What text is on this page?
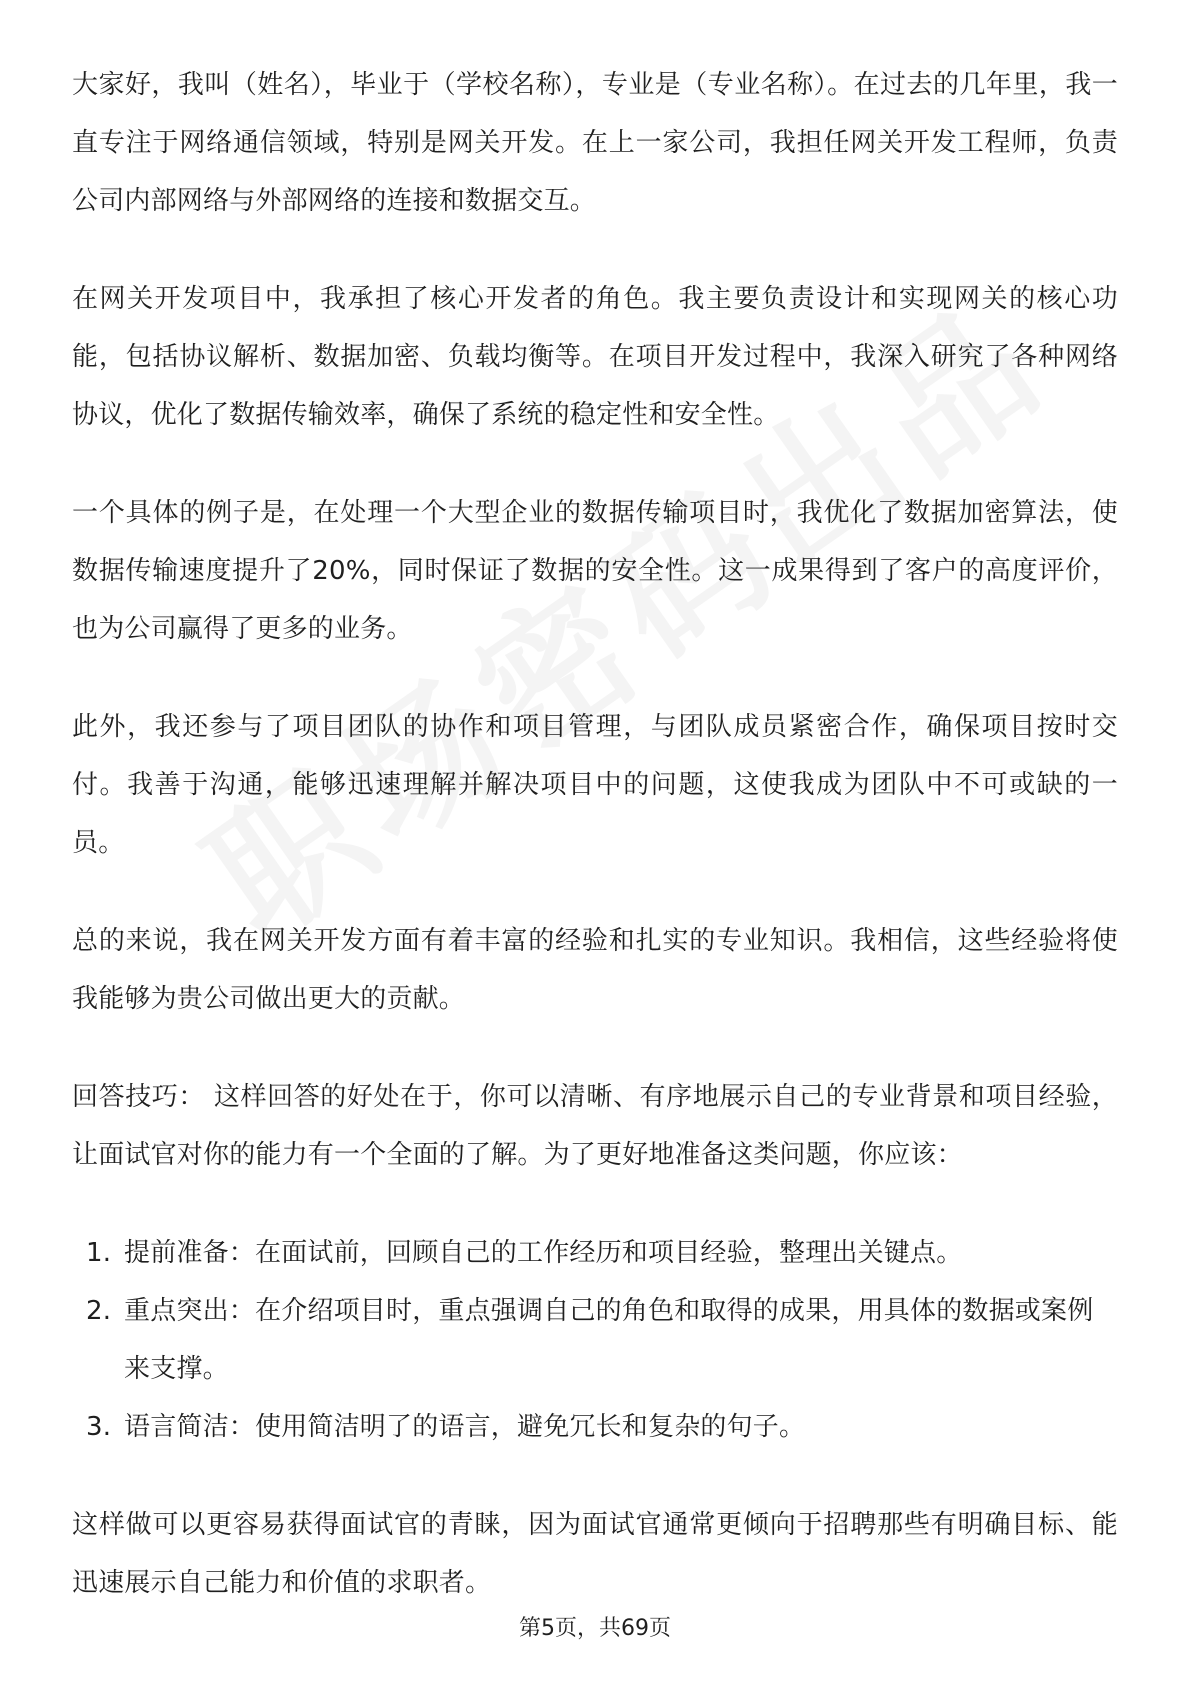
大家好，我叫（姓名），毕业于（学校名称），专业是（专业名称）。在过去的几年里，我一直专注于网络通信领域，特别是网关开发。在上一家公司，我担任网关开发工程师，负责公司内部网络与外部网络的连接和数据交互。

在网关开发项目中，我承担了核心开发者的角色。我主要负责设计和实现网关的核心功能，包括协议解析、数据加密、负载均衡等。在项目开发过程中，我深入研究了各种网络协议，优化了数据传输效率，确保了系统的稳定性和安全性。

一个具体的例子是，在处理一个大型企业的数据传输项目时，我优化了数据加密算法，使数据传输速度提升了20%，同时保证了数据的安全性。这一成果得到了客户的高度评价，也为公司赢得了更多的业务。

此外，我还参与了项目团队的协作和项目管理，与团队成员紧密合作，确保项目按时交付。我善于沟通，能够迅速理解并解决项目中的问题，这使我成为团队中不可或缺的一员。

总的来说，我在网关开发方面有着丰富的经验和扎实的专业知识。我相信，这些经验将使我能够为贵公司做出更大的贡献。

回答技巧： 这样回答的好处在于，你可以清晰、有序地展示自己的专业背景和项目经验，让面试官对你的能力有一个全面的了解。为了更好地准备这类问题，你应该：

1. 提前准备：在面试前，回顾自己的工作经历和项目经验，整理出关键点。
2. 重点突出：在介绍项目时，重点强调自己的角色和取得的成果，用具体的数据或案例来支撑。
3. 语言简洁：使用简洁明了的语言，避免冗长和复杂的句子。

这样做可以更容易获得面试官的青睐，因为面试官通常更倾向于招聘那些有明确目标、能迅速展示自己能力和价值的求职者。

第5页，共69页
